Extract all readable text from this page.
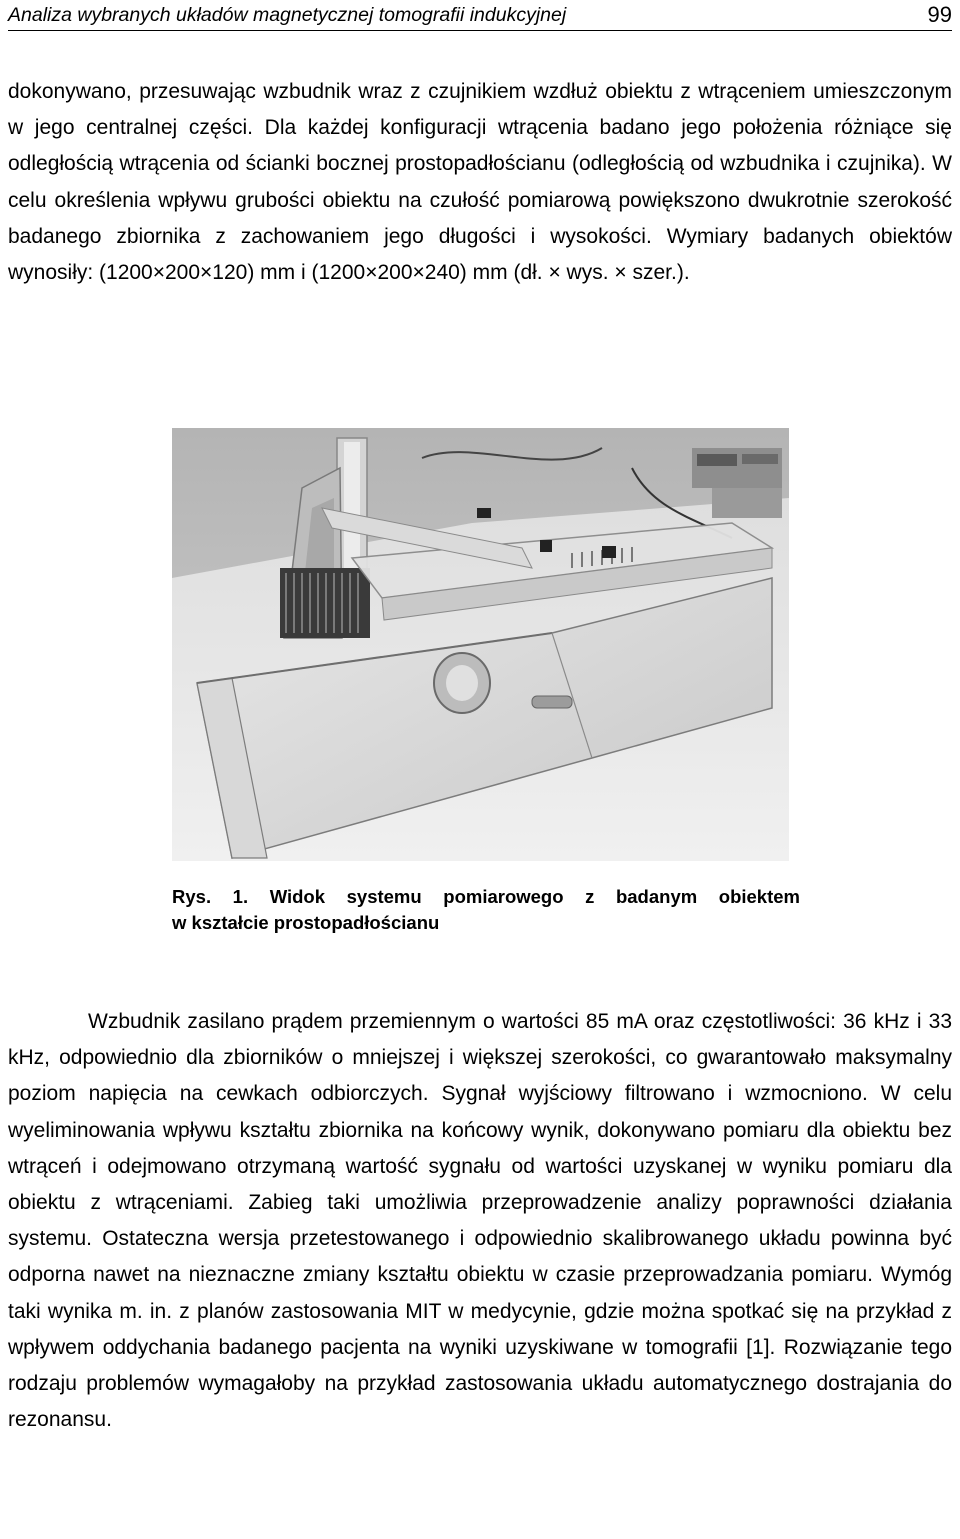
Analiza wybranych układów magnetycznej tomografii indukcyjnej	99

dokonywano, przesuwając wzbudnik wraz z czujnikiem wzdłuż obiektu z wtrąceniem umieszczonym w jego centralnej części. Dla każdej konfiguracji wtrącenia badano jego położenia różniące się odległością wtrącenia od ścianki bocznej prostopadłościanu (odległością od wzbudnika i czujnika). W celu określenia wpływu grubości obiektu na czułość pomiarową powiększono dwukrotnie szerokość badanego zbiornika z zachowaniem jego długości i wysokości. Wymiary badanych obiektów wynosiły: (1200×200×120) mm i (1200×200×240) mm (dł. × wys. × szer.).

Rys. 1. Widok systemu pomiarowego z badanym obiektem
w kształcie prostopadłościanu

Wzbudnik zasilano prądem przemiennym o wartości 85 mA oraz częstotliwości: 36 kHz i 33 kHz, odpowiednio dla zbiorników o mniejszej i większej szerokości, co gwarantowało maksymalny poziom napięcia na cewkach odbiorczych. Sygnał wyjściowy filtrowano i wzmocniono. W celu wyeliminowania wpływu kształtu zbiornika na końcowy wynik, dokonywano pomiaru dla obiektu bez wtrąceń i odejmowano otrzymaną wartość sygnału od wartości uzyskanej w wyniku pomiaru dla obiektu z wtrąceniami. Zabieg taki umożliwia przeprowadzenie analizy poprawności działania systemu. Ostateczna wersja przetestowanego i odpowiednio skalibrowanego układu powinna być odporna nawet na nieznaczne zmiany kształtu obiektu w czasie przeprowadzania pomiaru. Wymóg taki wynika m. in. z planów zastosowania MIT w medycynie, gdzie można spotkać się na przykład z wpływem oddychania badanego pacjenta na wyniki uzyskiwane w tomografii [1]. Rozwiązanie tego rodzaju problemów wymagałoby na przykład zastosowania układu automatycznego dostrajania do rezonansu.
